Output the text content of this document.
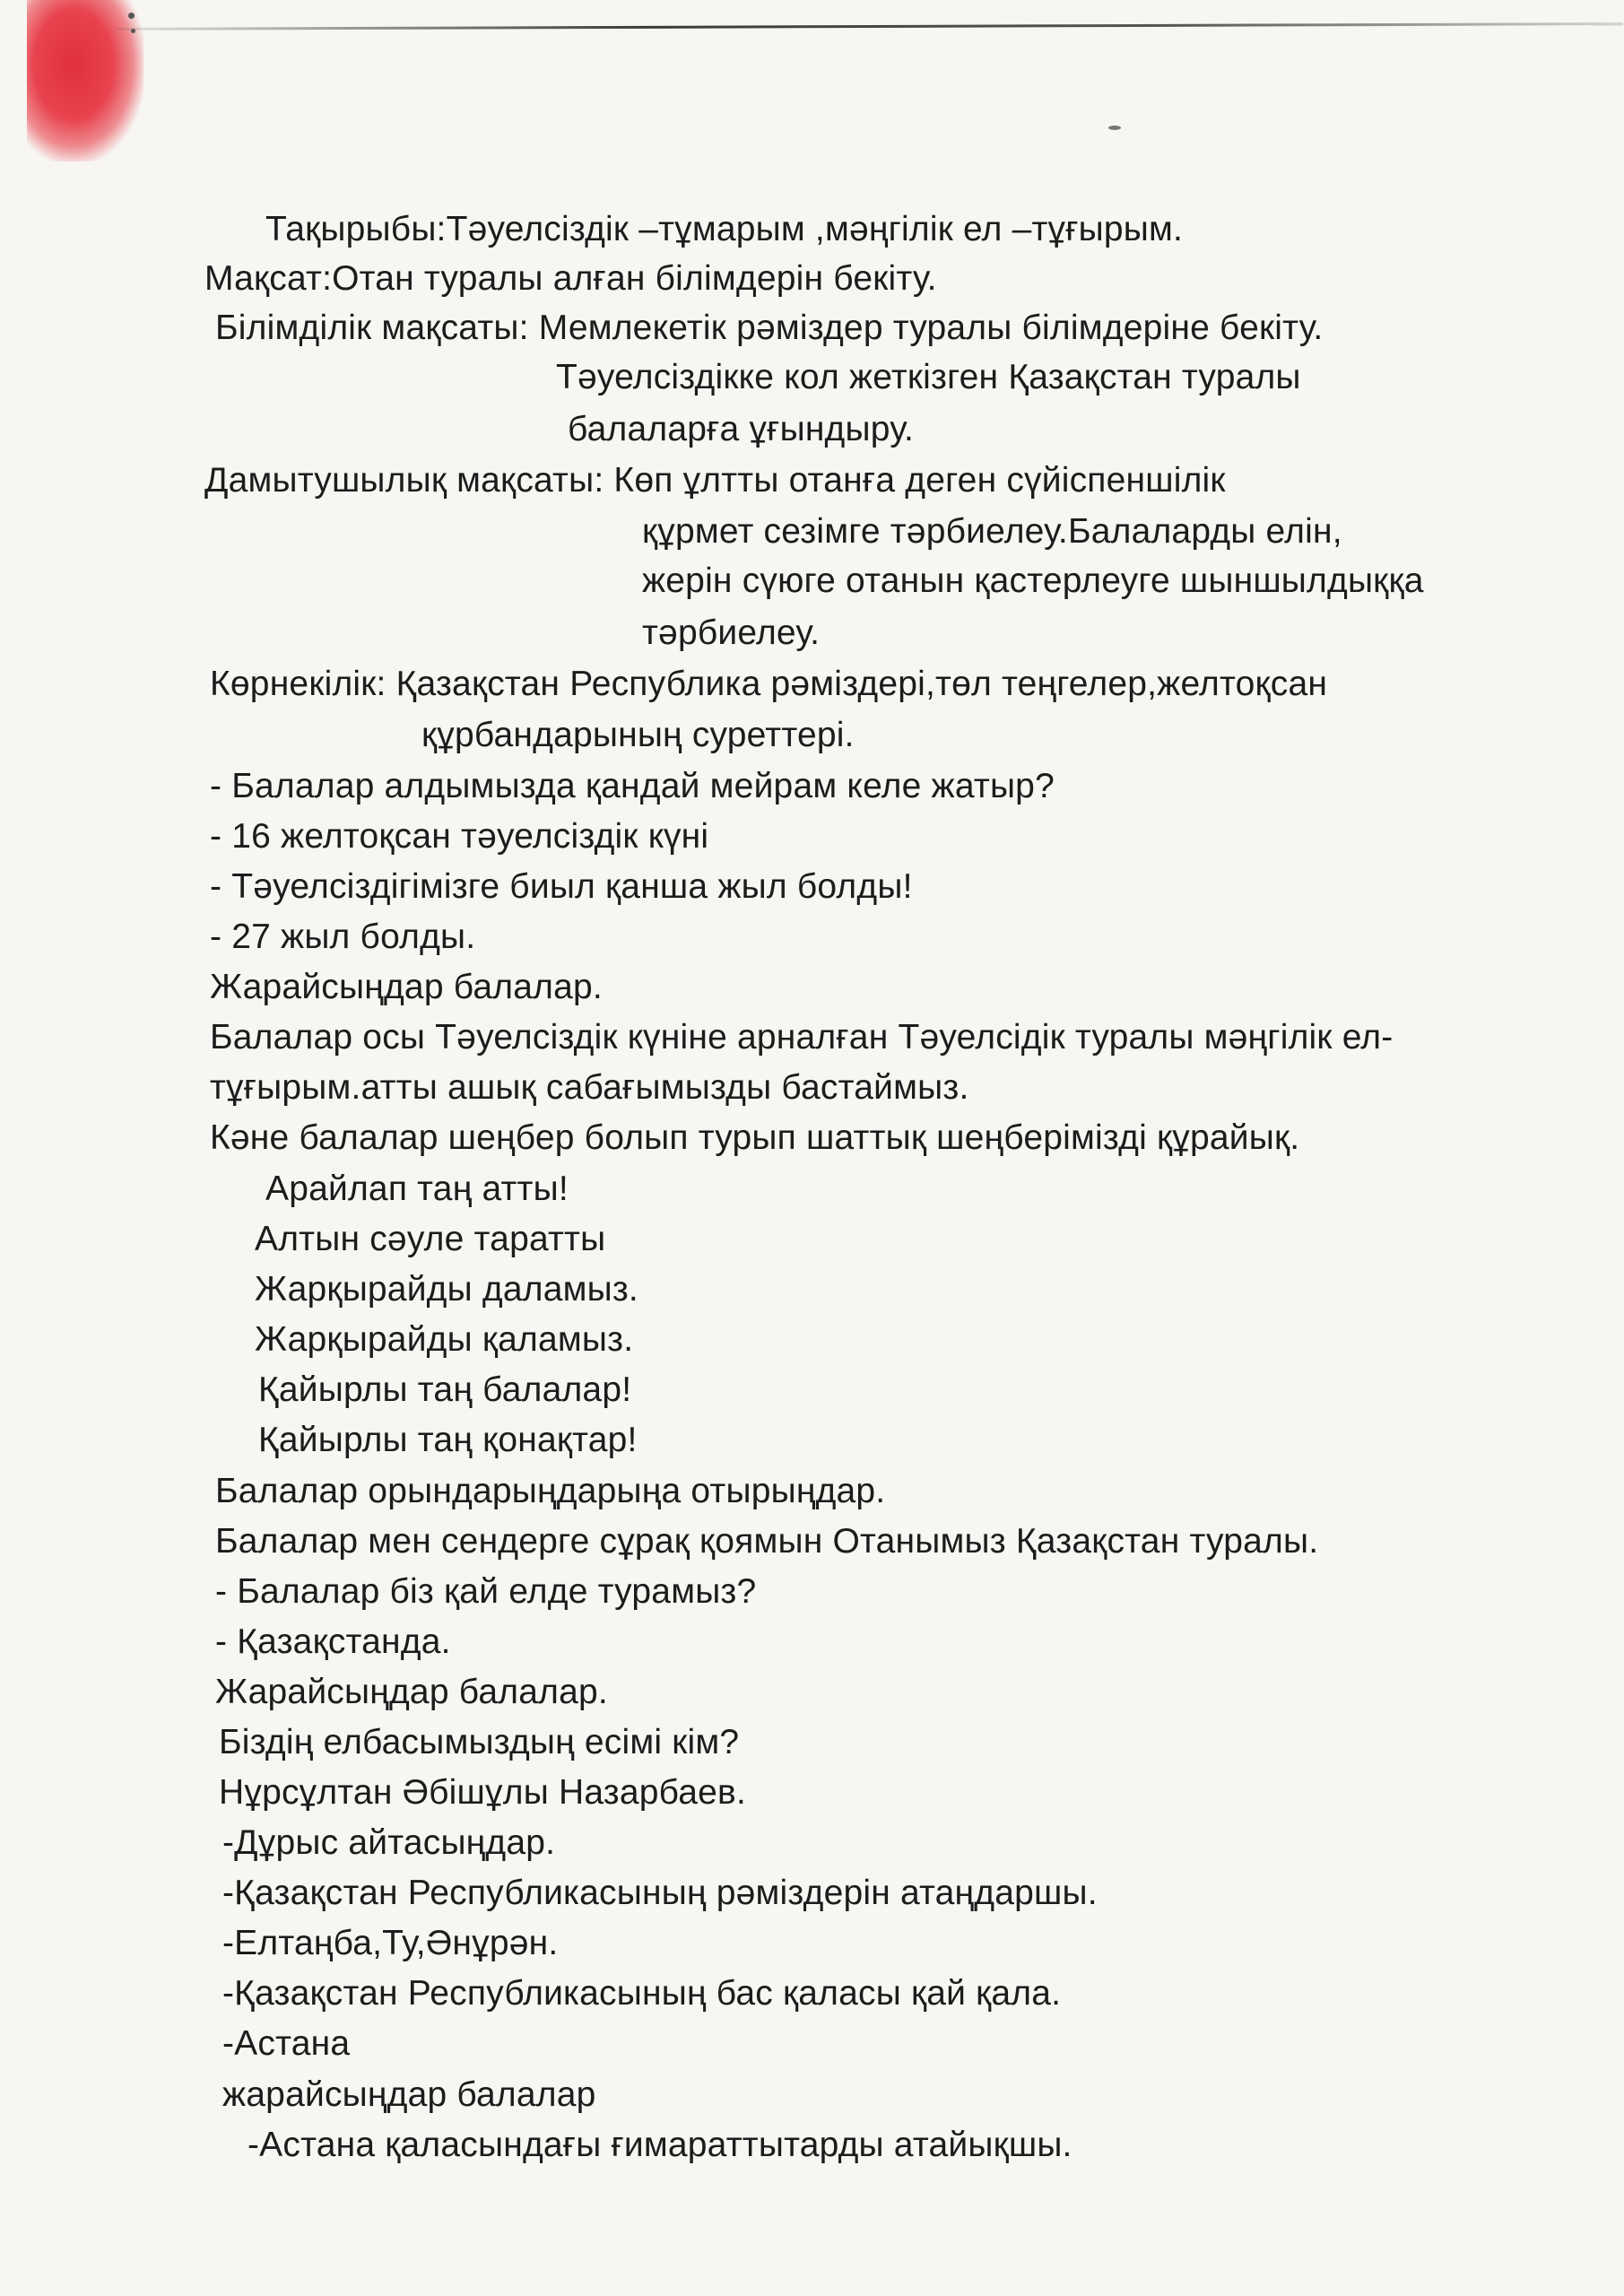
Тақырыбы:Тәуелсіздік –тұмарым ,мәңгілік ел –тұғырым.
Мақсат:Отан туралы алған білімдерін бекіту.
Білімділік мақсаты: Мемлекетік рәміздер туралы білімдеріне бекіту.
Тәуелсіздікке кол жеткізген Қазақстан туралы
балаларға ұғындыру.
Дамытушылық мақсаты: Көп ұлтты отанға деген сүйіспеншілік
құрмет сезімге тәрбиелеу.Балаларды елін,
жерін сүюге отанын қастерлеуге шыншылдыққа
тәрбиелеу.
Көрнекілік: Қазақстан Республика рәміздері,төл теңгелер,желтоқсан
құрбандарының суреттері.
- Балалар алдымызда қандай мейрам келе жатыр?
- 16 желтоқсан тәуелсіздік күні
- Тәуелсіздігімізге биыл қанша жыл болды!
- 27 жыл болды.
Жарайсыңдар балалар.
Балалар осы Тәуелсіздік күніне арналған Тәуелсідік туралы мәңгілік ел-
тұғырым.атты ашық сабағымызды бастаймыз.
Кәне балалар шеңбер болып турып шаттық шеңберімізді құрайық.
Арайлап таң атты!
Алтын сәуле таратты
Жарқырайды даламыз.
Жарқырайды қаламыз.
Қайырлы таң балалар!
Қайырлы таң қонақтар!
Балалар орындарыңдарыңа отырыңдар.
Балалар мен сендерге сұрақ қоямын Отанымыз Қазақстан туралы.
- Балалар біз қай елде турамыз?
- Қазақстанда.
Жарайсыңдар балалар.
Біздің елбасымыздың есімі кім?
Нұрсұлтан Әбішұлы Назарбаев.
-Дұрыс айтасыңдар.
-Қазақстан Республикасының рәміздерін атаңдаршы.
-Елтаңба,Ту,Әнұрән.
-Қазақстан Республикасының бас қаласы қай қала.
-Астана
жарайсыңдар балалар
-Астана қаласындағы ғимараттытарды атайықшы.
